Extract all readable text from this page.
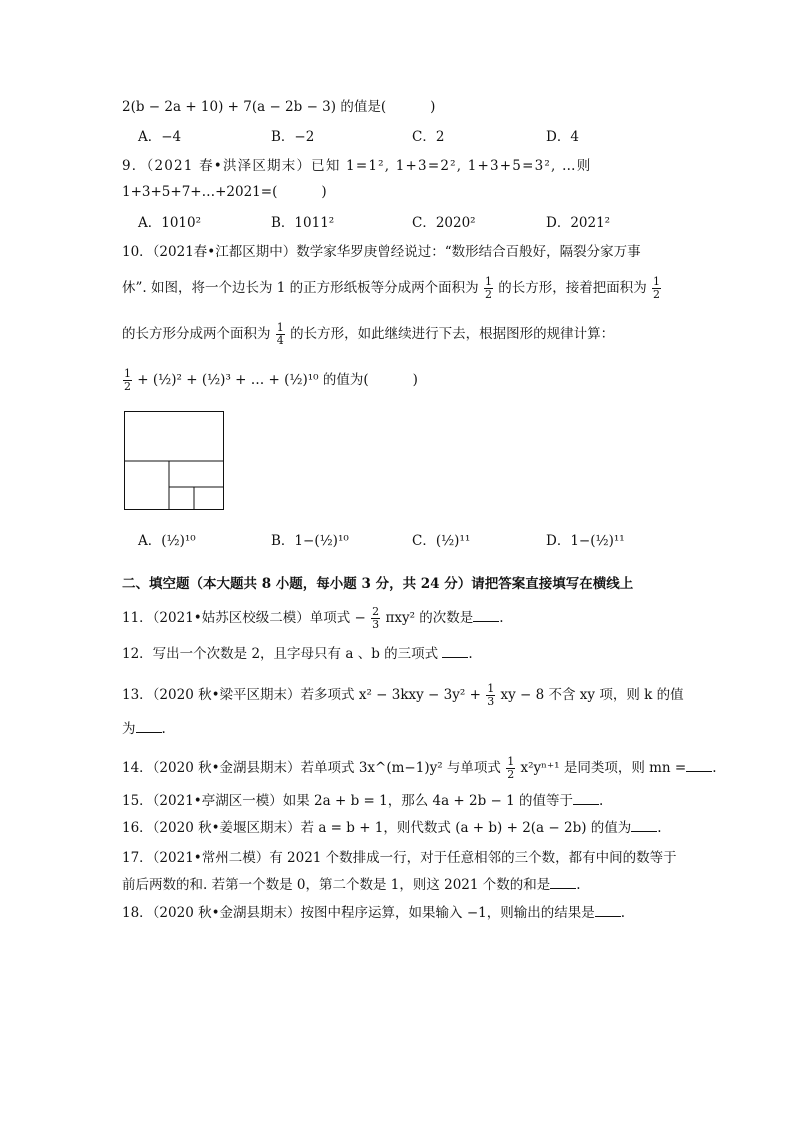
2(b − 2a + 10) + 7(a − 2b − 3) 的值是(	)
A．−4	B．−2	C．2	D．4
9．（2021 春•洪泽区期末）已知 1=1², 1+3=2², 1+3+5=3², …则
1+3+5+7+…+2021=(	)
A．1010²	B．1011²	C．2020²	D．2021²
10．（2021春•江都区期中）数学家华罗庚曾经说过：“数形结合百般好，隔裂分家万事
休”. 如图，将一个边长为 1 的正方形纸板等分成两个面积为 $\frac{1}{2}$ 的长方形，接着把面积为 $\frac{1}{2}$
的长方形分成两个面积为 $\frac{1}{4}$ 的长方形，如此继续进行下去，根据图形的规律计算：
$\frac{1}{2}$ + (½)² + (½)³ + … + (½)¹⁰ 的值为(	)
A．(½)¹⁰	B．1−(½)¹⁰	C．(½)¹¹	D．1−(½)¹¹
二、填空题（本大题共 8 小题，每小题 3 分，共 24 分）请把答案直接填写在横线上
11．（2021•姑苏区校级二模）单项式 − $\frac{2}{3} \pi xy^2$ 的次数是 .
12．写出一个次数是 2，且字母只有 a 、b 的三项式 .
13．（2020 秋•梁平区期末）若多项式 $x^2 - 3kxy - 3y^2 + \frac{1}{3}$ xy − 8 不含 xy 项，则 k 的值
为 .
14．（2020 秋•金湖县期末）若单项式 3x^(m−1)y² 与单项式 $\frac{1}{2} x^2y^{n+1}$ 是同类项，则 mn = .
15．（2021•亭湖区一模）如果 2a + b = 1，那么 4a + 2b − 1 的值等于 .
16．（2020 秋•姜堰区期末）若 a = b + 1，则代数式 (a + b) + 2(a − 2b) 的值为 .
17．（2021•常州二模）有 2021 个数排成一行，对于任意相邻的三个数，都有中间的数等于
前后两数的和. 若第一个数是 0，第二个数是 1，则这 2021 个数的和是 .
18．（2020 秋•金湖县期末）按图中程序运算，如果输入 −1，则输出的结果是 .
